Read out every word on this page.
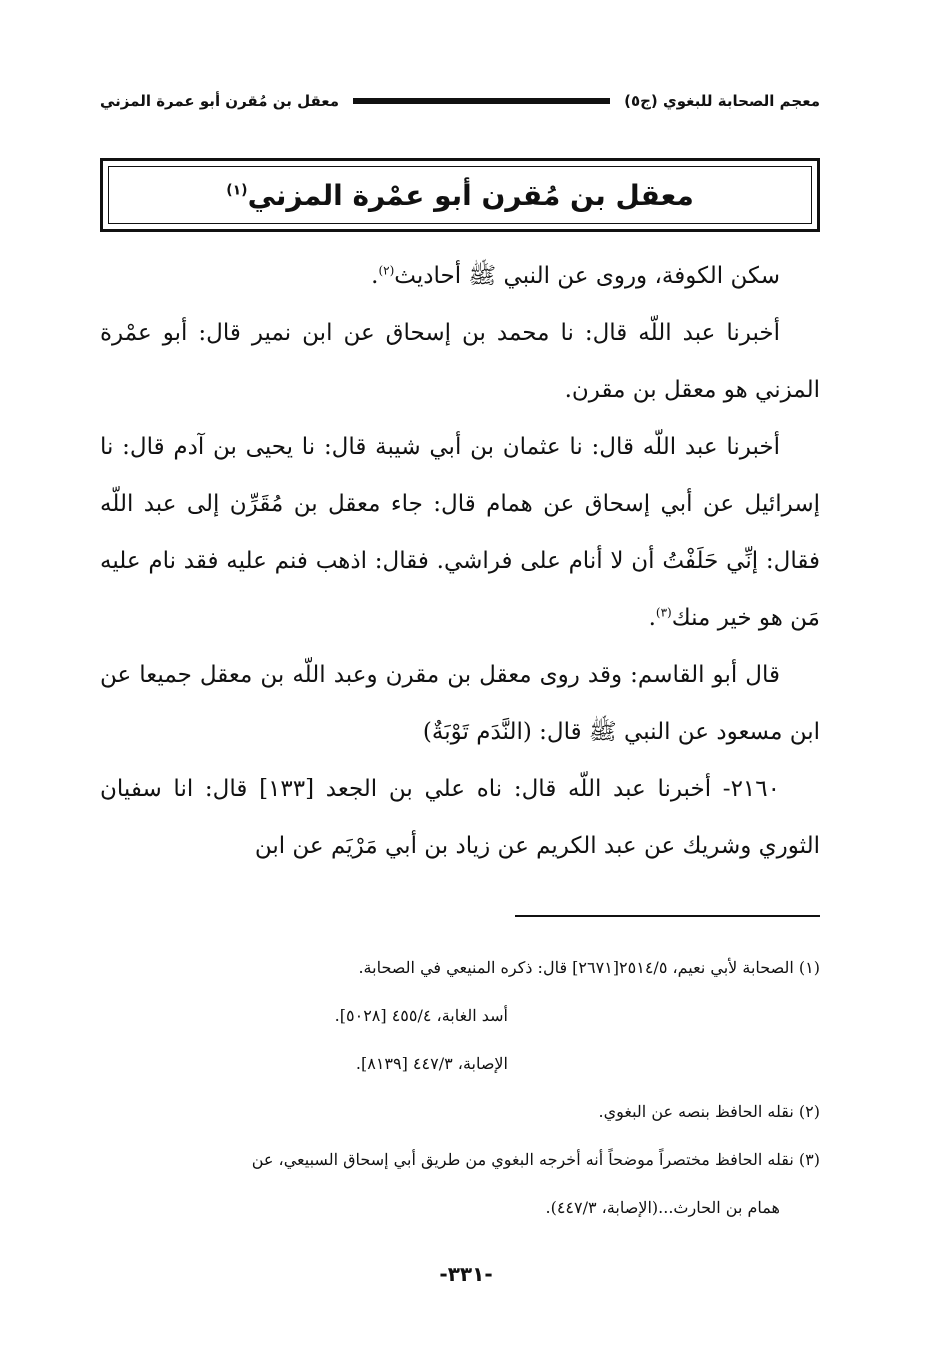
معجم الصحابة للبغوي (ج٥)
معقل بن مُقرن أبو عمرة المزني
معقل بن مُقرن أبو عمْرة المزني$^{(١)}$

سكن الكوفة، وروى عن النبي ﷺ أحاديث$^{(٢)}$.

أخبرنا عبد اللّه قال: نا محمد بن إسحاق عن ابن نمير قال: أبو عمْرة المزني هو معقل بن مقرن.

أخبرنا عبد اللّه قال: نا عثمان بن أبي شيبة قال: نا يحيى بن آدم قال: نا إسرائيل عن أبي إسحاق عن همام قال: جاء معقل بن مُقَرِّن إلى عبد اللّه فقال: إنِّي حَلَفْتُ أن لا أنام على فراشي. فقال: اذهب فنم عليه فقد نام عليه مَن هو خير منك$^{(٣)}$.

قال أبو القاسم: وقد روى معقل بن مقرن وعبد اللّه بن معقل جميعا عن ابن مسعود عن النبي ﷺ قال: (النَّدَم تَوْبَةٌ)

٢١٦٠- أخبرنا عبد اللّه قال: ناه علي بن الجعد [١٣٣] قال: انا سفيان الثوري وشريك عن عبد الكريم عن زياد بن أبي مَرْيَم عن ابن

(١) الصحابة لأبي نعيم، ٢٥١٤/٥[٢٦٧١] قال: ذكره المنيعي في الصحابة.

أسد الغابة، ٤٥٥/٤ [٥٠٢٨].

الإصابة، ٤٤٧/٣ [٨١٣٩].

(٢) نقله الحافظ بنصه عن البغوي.

(٣) نقله الحافظ مختصراً موضحاً أنه أخرجه البغوي من طريق أبي إسحاق السبيعي، عن

همام بن الحارث...(الإصابة، ٤٤٧/٣).

-٣٣١-
